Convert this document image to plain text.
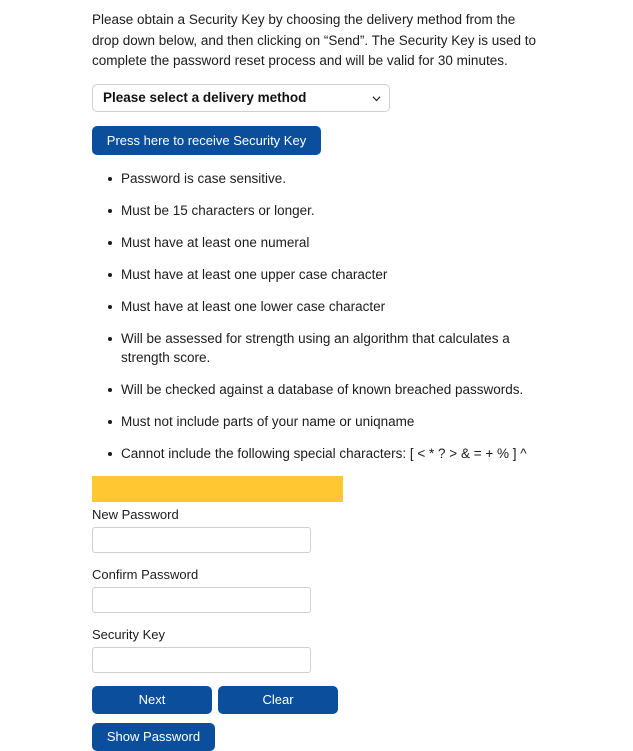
Please obtain a Security Key by choosing the delivery method from the drop down below, and then clicking on “Send”. The Security Key is used to complete the password reset process and will be valid for 30 minutes.

Please select a delivery method
Press here to receive Security Key
Password is case sensitive.
Must be 15 characters or longer.
Must have at least one numeral
Must have at least one upper case character
Must have at least one lower case character
Will be assessed for strength using an algorithm that calculates a strength score.
Will be checked against a database of known breached passwords.
Must not include parts of your name or uniqname
Cannot include the following special characters: [ < * ? > & = + % ] ^
New Password
Confirm Password
Security Key
Next	Clear
Show Password
